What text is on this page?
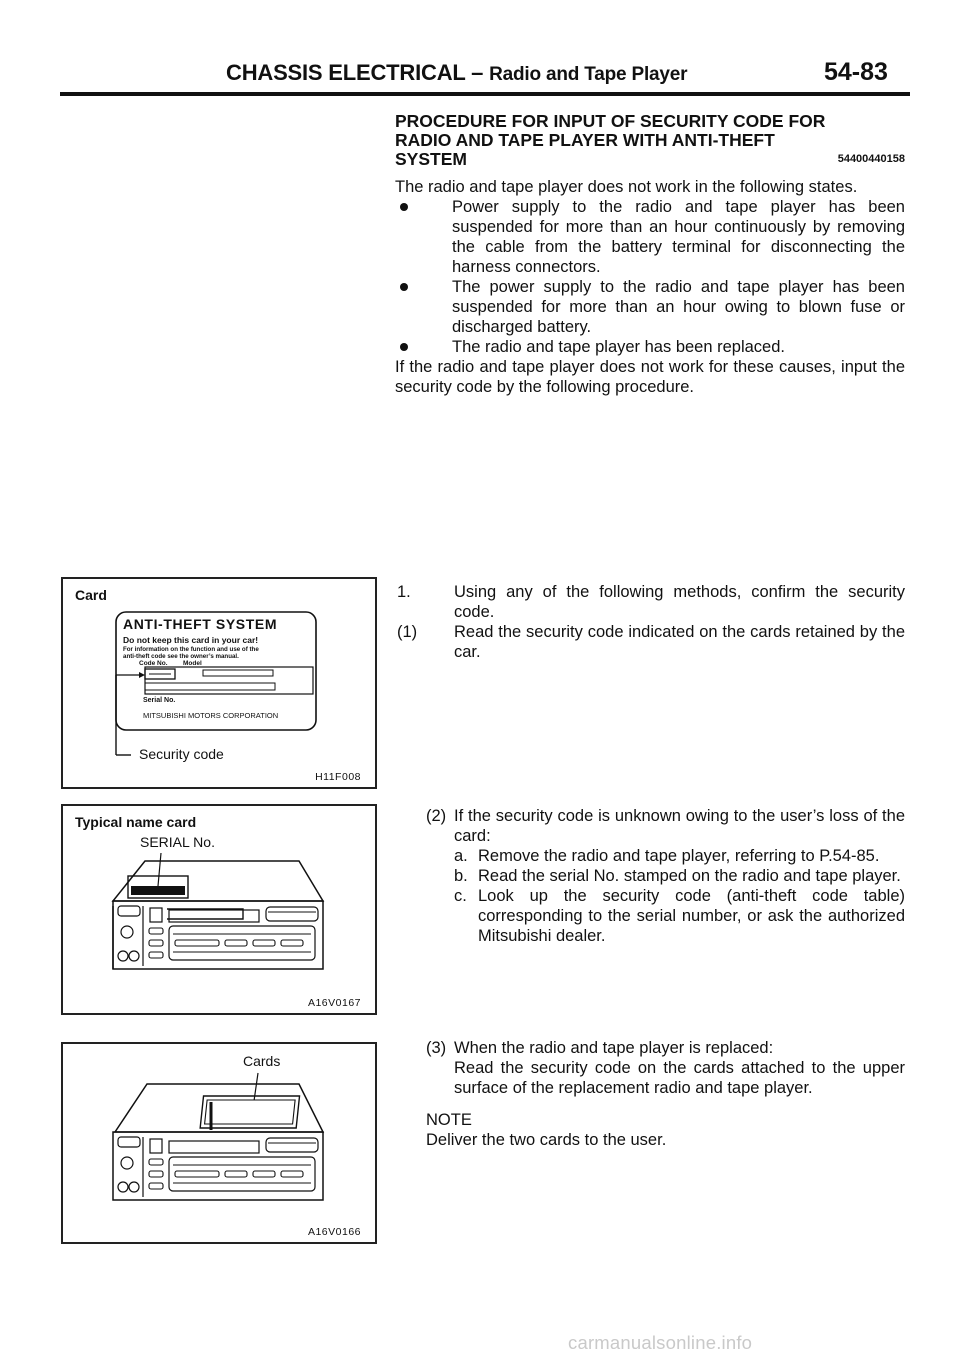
CHASSIS ELECTRICAL – Radio and Tape Player	54-83
PROCEDURE FOR INPUT OF SECURITY CODE FOR
RADIO AND TAPE PLAYER WITH ANTI-THEFT
SYSTEM	54400440158
The radio and tape player does not work in the following states.
Power supply to the radio and tape player has been suspended for more than an hour continuously by removing the cable from the battery terminal for disconnecting the harness connectors.
The power supply to the radio and tape player has been suspended for more than an hour owing to blown fuse or discharged battery.
The radio and tape player has been replaced.
If the radio and tape player does not work for these causes, input the security code by the following procedure.
1.	Using any of the following methods, confirm the security code.
(1) Read the security code indicated on the cards retained by the car.
(2) If the security code is unknown owing to the user’s loss of the card:
a. Remove the radio and tape player, referring to P.54-85.
b. Read the serial No. stamped on the radio and tape player.
c. Look up the security code (anti-theft code table) corresponding to the serial number, or ask the authorized Mitsubishi dealer.
(3) When the radio and tape player is replaced:
Read the security code on the cards attached to the upper surface of the replacement radio and tape player.
NOTE
Deliver the two cards to the user.
Card
ANTI-THEFT SYSTEM
Do not keep this card in your car!
For information on the function and use of the
anti-theft code see the owner’s manual.
Code No. Model
Serial No.
MITSUBISHI MOTORS CORPORATION
Security code
H11F008
Typical name card
SERIAL No.
A16V0167
Cards
A16V0166
carmanualsonline.info
